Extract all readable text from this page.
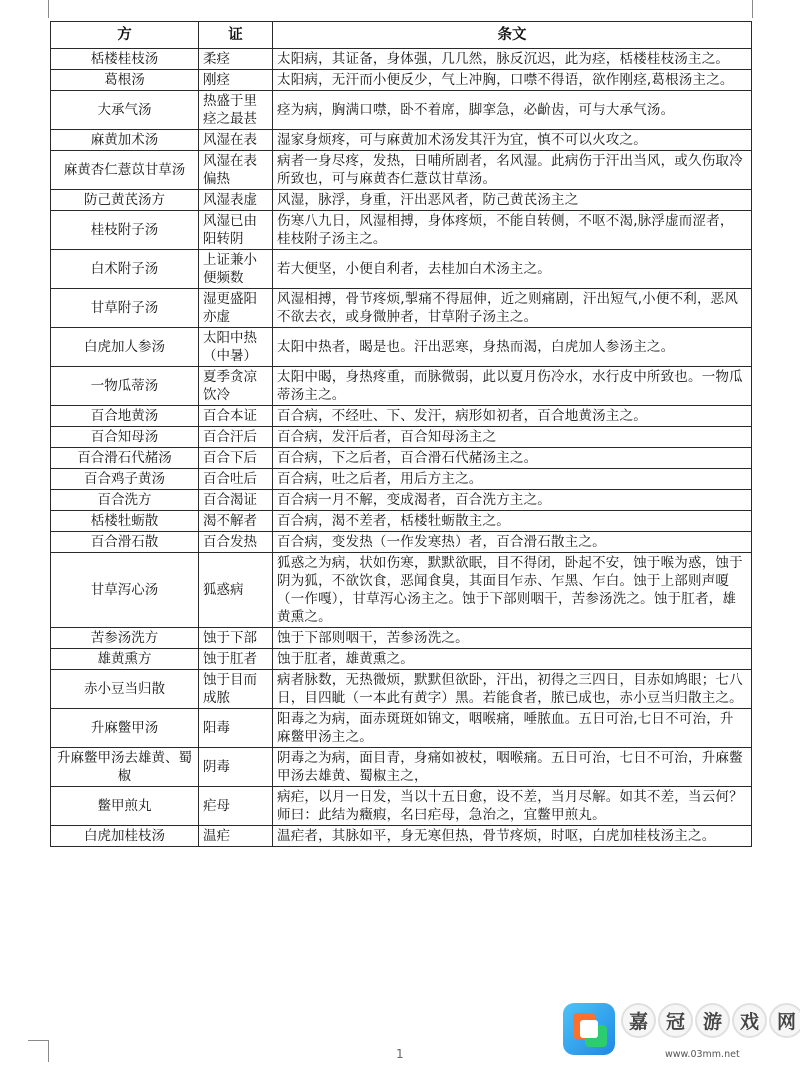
方	证	条文
栝楼桂枝汤	柔痉	太阳病，其证备，身体强，几几然，脉反沉迟，此为痉，栝楼桂枝汤主之。
葛根汤	刚痉	太阳病，无汗而小便反少，气上冲胸，口噤不得语，欲作刚痉,葛根汤主之。
大承气汤	热盛于里痉之最甚	痉为病，胸满口噤，卧不着席，脚挛急，必齘齿，可与大承气汤。
麻黄加术汤	风湿在表	湿家身烦疼，可与麻黄加术汤发其汗为宜，慎不可以火攻之。
麻黄杏仁薏苡甘草汤	风湿在表偏热	病者一身尽疼，发热，日哺所剧者，名风湿。此病伤于汗出当风，或久伤取冷所致也，可与麻黄杏仁薏苡甘草汤。
防己黄芪汤方	风湿表虚	风湿，脉浮，身重，汗出恶风者，防己黄芪汤主之
桂枝附子汤	风湿已由阳转阴	伤寒八九日，风湿相搏，身体疼烦，不能自转侧，不呕不渴,脉浮虚而涩者，桂枝附子汤主之。
白术附子汤	上证兼小便频数	若大便坚，小便自利者，去桂加白术汤主之。
甘草附子汤	湿更盛阳亦虚	风湿相搏，骨节疼烦,掣痛不得屈伸，近之则痛剧，汗出短气,小便不利，恶风不欲去衣，或身微肿者，甘草附子汤主之。
白虎加人参汤	太阳中热（中暑）	太阳中热者，暍是也。汗出恶寒，身热而渴，白虎加人参汤主之。
一物瓜蒂汤	夏季贪凉饮冷	太阳中暍，身热疼重，而脉微弱，此以夏月伤冷水，水行皮中所致也。一物瓜蒂汤主之。
百合地黄汤	百合本证	百合病，不经吐、下、发汗，病形如初者，百合地黄汤主之。
百合知母汤	百合汗后	百合病，发汗后者，百合知母汤主之
百合滑石代赭汤	百合下后	百合病，下之后者，百合滑石代赭汤主之。
百合鸡子黄汤	百合吐后	百合病，吐之后者，用后方主之。
百合洗方	百合渴证	百合病一月不解，变成渴者，百合洗方主之。
栝楼牡蛎散	渴不解者	百合病，渴不差者，栝楼牡蛎散主之。
百合滑石散	百合发热	百合病，变发热（一作发寒热）者，百合滑石散主之。
甘草泻心汤	狐惑病	狐惑之为病，状如伤寒，默默欲眠，目不得闭，卧起不安，蚀于喉为惑，蚀于阴为狐，不欲饮食，恶闻食臭，其面目乍赤、乍黑、乍白。蚀于上部则声嗄（一作嘎），甘草泻心汤主之。蚀于下部则咽干，苦参汤洗之。蚀于肛者，雄黄熏之。
苦参汤洗方	蚀于下部	蚀于下部则咽干，苦参汤洗之。
雄黄熏方	蚀于肛者	蚀于肛者，雄黄熏之。
赤小豆当归散	蚀于目而成脓	病者脉数，无热微烦，默默但欲卧，汗出，初得之三四日，目赤如鸠眼；七八日，目四眦（一本此有黄字）黑。若能食者，脓已成也，赤小豆当归散主之。
升麻鳖甲汤	阳毒	阳毒之为病，面赤斑斑如锦文，咽喉痛，唾脓血。五日可治,七日不可治，升麻鳖甲汤主之。
升麻鳖甲汤去雄黄、蜀椒	阴毒	阴毒之为病，面目青，身痛如被杖，咽喉痛。五日可治，七日不可治，升麻鳖甲汤去雄黄、蜀椒主之，
鳖甲煎丸	疟母	病疟，以月一日发，当以十五日愈，设不差，当月尽解。如其不差，当云何？师曰：此结为癥瘕，名曰疟母，急治之，宜鳖甲煎丸。
白虎加桂枝汤	温疟	温疟者，其脉如平，身无寒但热，骨节疼烦，时呕，白虎加桂枝汤主之。
1
嘉 冠 游 戏 网
www.03mm.net
